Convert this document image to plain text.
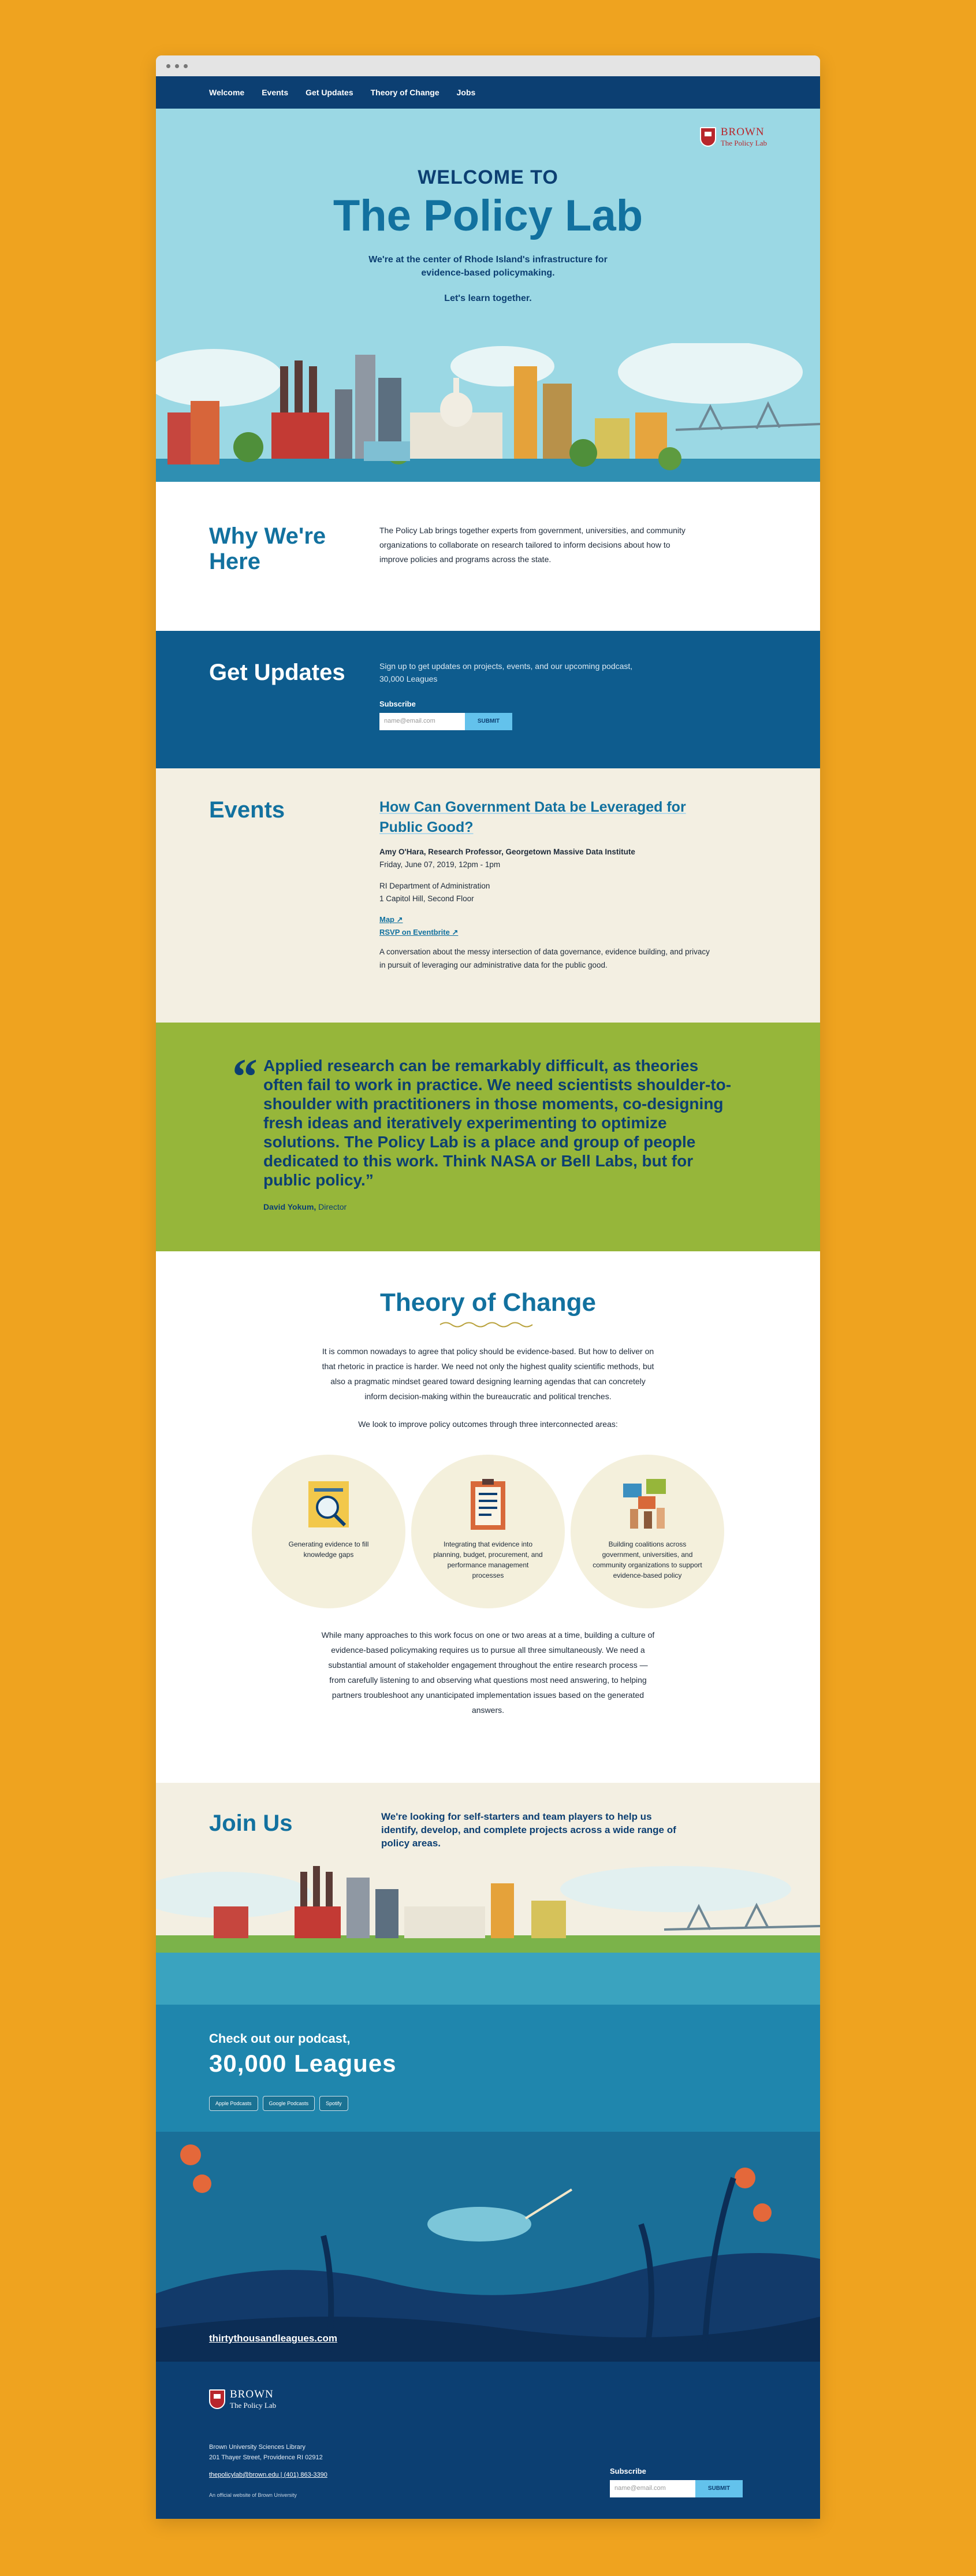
Welcome Events Get Updates Theory of Change Jobs
BROWN
The Policy Lab
WELCOME TO
The Policy Lab

We're at the center of Rhode Island's infrastructure for evidence-based policymaking.

Let's learn together.

Why We're Here

The Policy Lab brings together experts from government, universities, and community organizations to collaborate on research tailored to inform decisions about how to improve policies and programs across the state.

Get Updates	Sign up to get updates on projects, events, and our upcoming podcast, 30,000 Leagues

Subscribe
name@email.com	SUBMIT
Events	How Can Government Data be Leveraged for Public Good?

Amy O'Hara, Research Professor, Georgetown Massive Data Institute

Friday, June 07, 2019, 12pm - 1pm

RI Department of Administration

1 Capitol Hill, Second Floor

Map ↗
RSVP on Eventbrite ↗

A conversation about the messy intersection of data governance, evidence building, and privacy in pursuit of leveraging our administrative data for the public good.

“ Applied research can be remarkably difficult, as theories often fail to work in practice. We need scientists shoulder-to-shoulder with practitioners in those moments, co-designing fresh ideas and iteratively experimenting to optimize solutions. The Policy Lab is a place and group of people dedicated to this work. Think NASA or Bell Labs, but for public policy.”

David Yokum, Director
Theory of Change

It is common nowadays to agree that policy should be evidence-based. But how to deliver on that rhetoric in practice is harder. We need not only the highest quality scientific methods, but also a pragmatic mindset geared toward designing learning agendas that can concretely inform decision-making within the bureaucratic and political trenches.

We look to improve policy outcomes through three interconnected areas:

Generating evidence to fill knowledge gaps

Integrating that evidence into planning, budget, procurement, and performance management processes

Building coalitions across government, universities, and community organizations to support evidence-based policy

While many approaches to this work focus on one or two areas at a time, building a culture of evidence-based policymaking requires us to pursue all three simultaneously. We need a substantial amount of stakeholder engagement throughout the entire research process — from carefully listening to and observing what questions most need answering, to helping partners troubleshoot any unanticipated implementation issues based on the generated answers.

Join Us	We're looking for self-starters and team players to help us identify, develop, and complete projects across a wide range of policy areas.

Check out our podcast,
30,000 Leagues
Apple Podcasts	Google Podcasts	Spotify
thirtythousandleagues.com
BROWN
The Policy Lab
Brown University Sciences Library
201 Thayer Street, Providence RI 02912
thepolicylab@brown.edu | (401) 863-3390
An official website of Brown University
Subscribe
name@email.com	SUBMIT
